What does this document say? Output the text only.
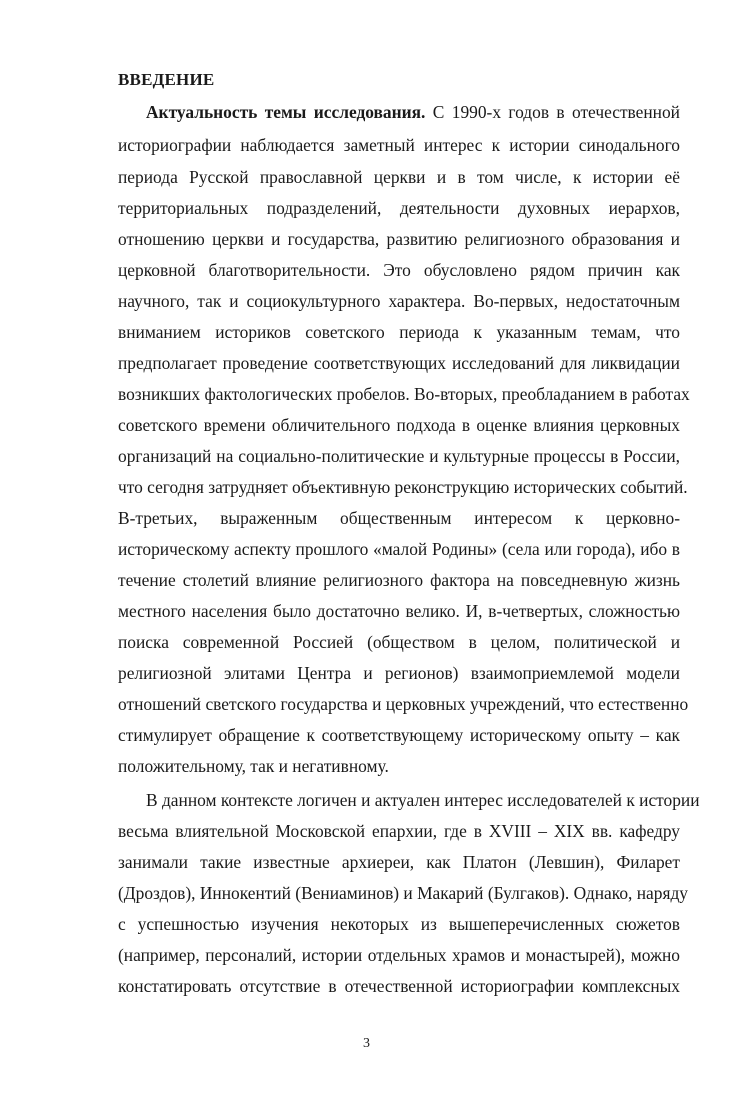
ВВЕДЕНИЕ
Актуальность темы исследования. С 1990-х годов в отечественной
историографии наблюдается заметный интерес к истории синодального
периода Русской православной церкви и в том числе, к истории её
территориальных подразделений, деятельности духовных иерархов,
отношению церкви и государства, развитию религиозного образования и
церковной благотворительности. Это обусловлено рядом причин как
научного, так и социокультурного характера. Во-первых, недостаточным
вниманием историков советского периода к указанным темам, что
предполагает проведение соответствующих исследований для ликвидации
возникших фактологических пробелов. Во-вторых, преобладанием в работах
советского времени обличительного подхода в оценке влияния церковных
организаций на социально-политические и культурные процессы в России,
что сегодня затрудняет объективную реконструкцию исторических событий.
В-третьих, выраженным общественным интересом к церковно-
историческому аспекту прошлого «малой Родины» (села или города), ибо в
течение столетий влияние религиозного фактора на повседневную жизнь
местного населения было достаточно велико. И, в-четвертых, сложностью
поиска современной Россией (обществом в целом, политической и
религиозной элитами Центра и регионов) взаимоприемлемой модели
отношений светского государства и церковных учреждений, что естественно
стимулирует обращение к соответствующему историческому опыту – как
положительному, так и негативному.
В данном контексте логичен и актуален интерес исследователей к истории
весьма влиятельной Московской епархии, где в XVIII – XIX вв. кафедру
занимали такие известные архиереи, как Платон (Левшин), Филарет
(Дроздов), Иннокентий (Вениаминов) и Макарий (Булгаков). Однако, наряду
с успешностью изучения некоторых из вышеперечисленных сюжетов
(например, персоналий, истории отдельных храмов и монастырей), можно
констатировать отсутствие в отечественной историографии комплексных
3
